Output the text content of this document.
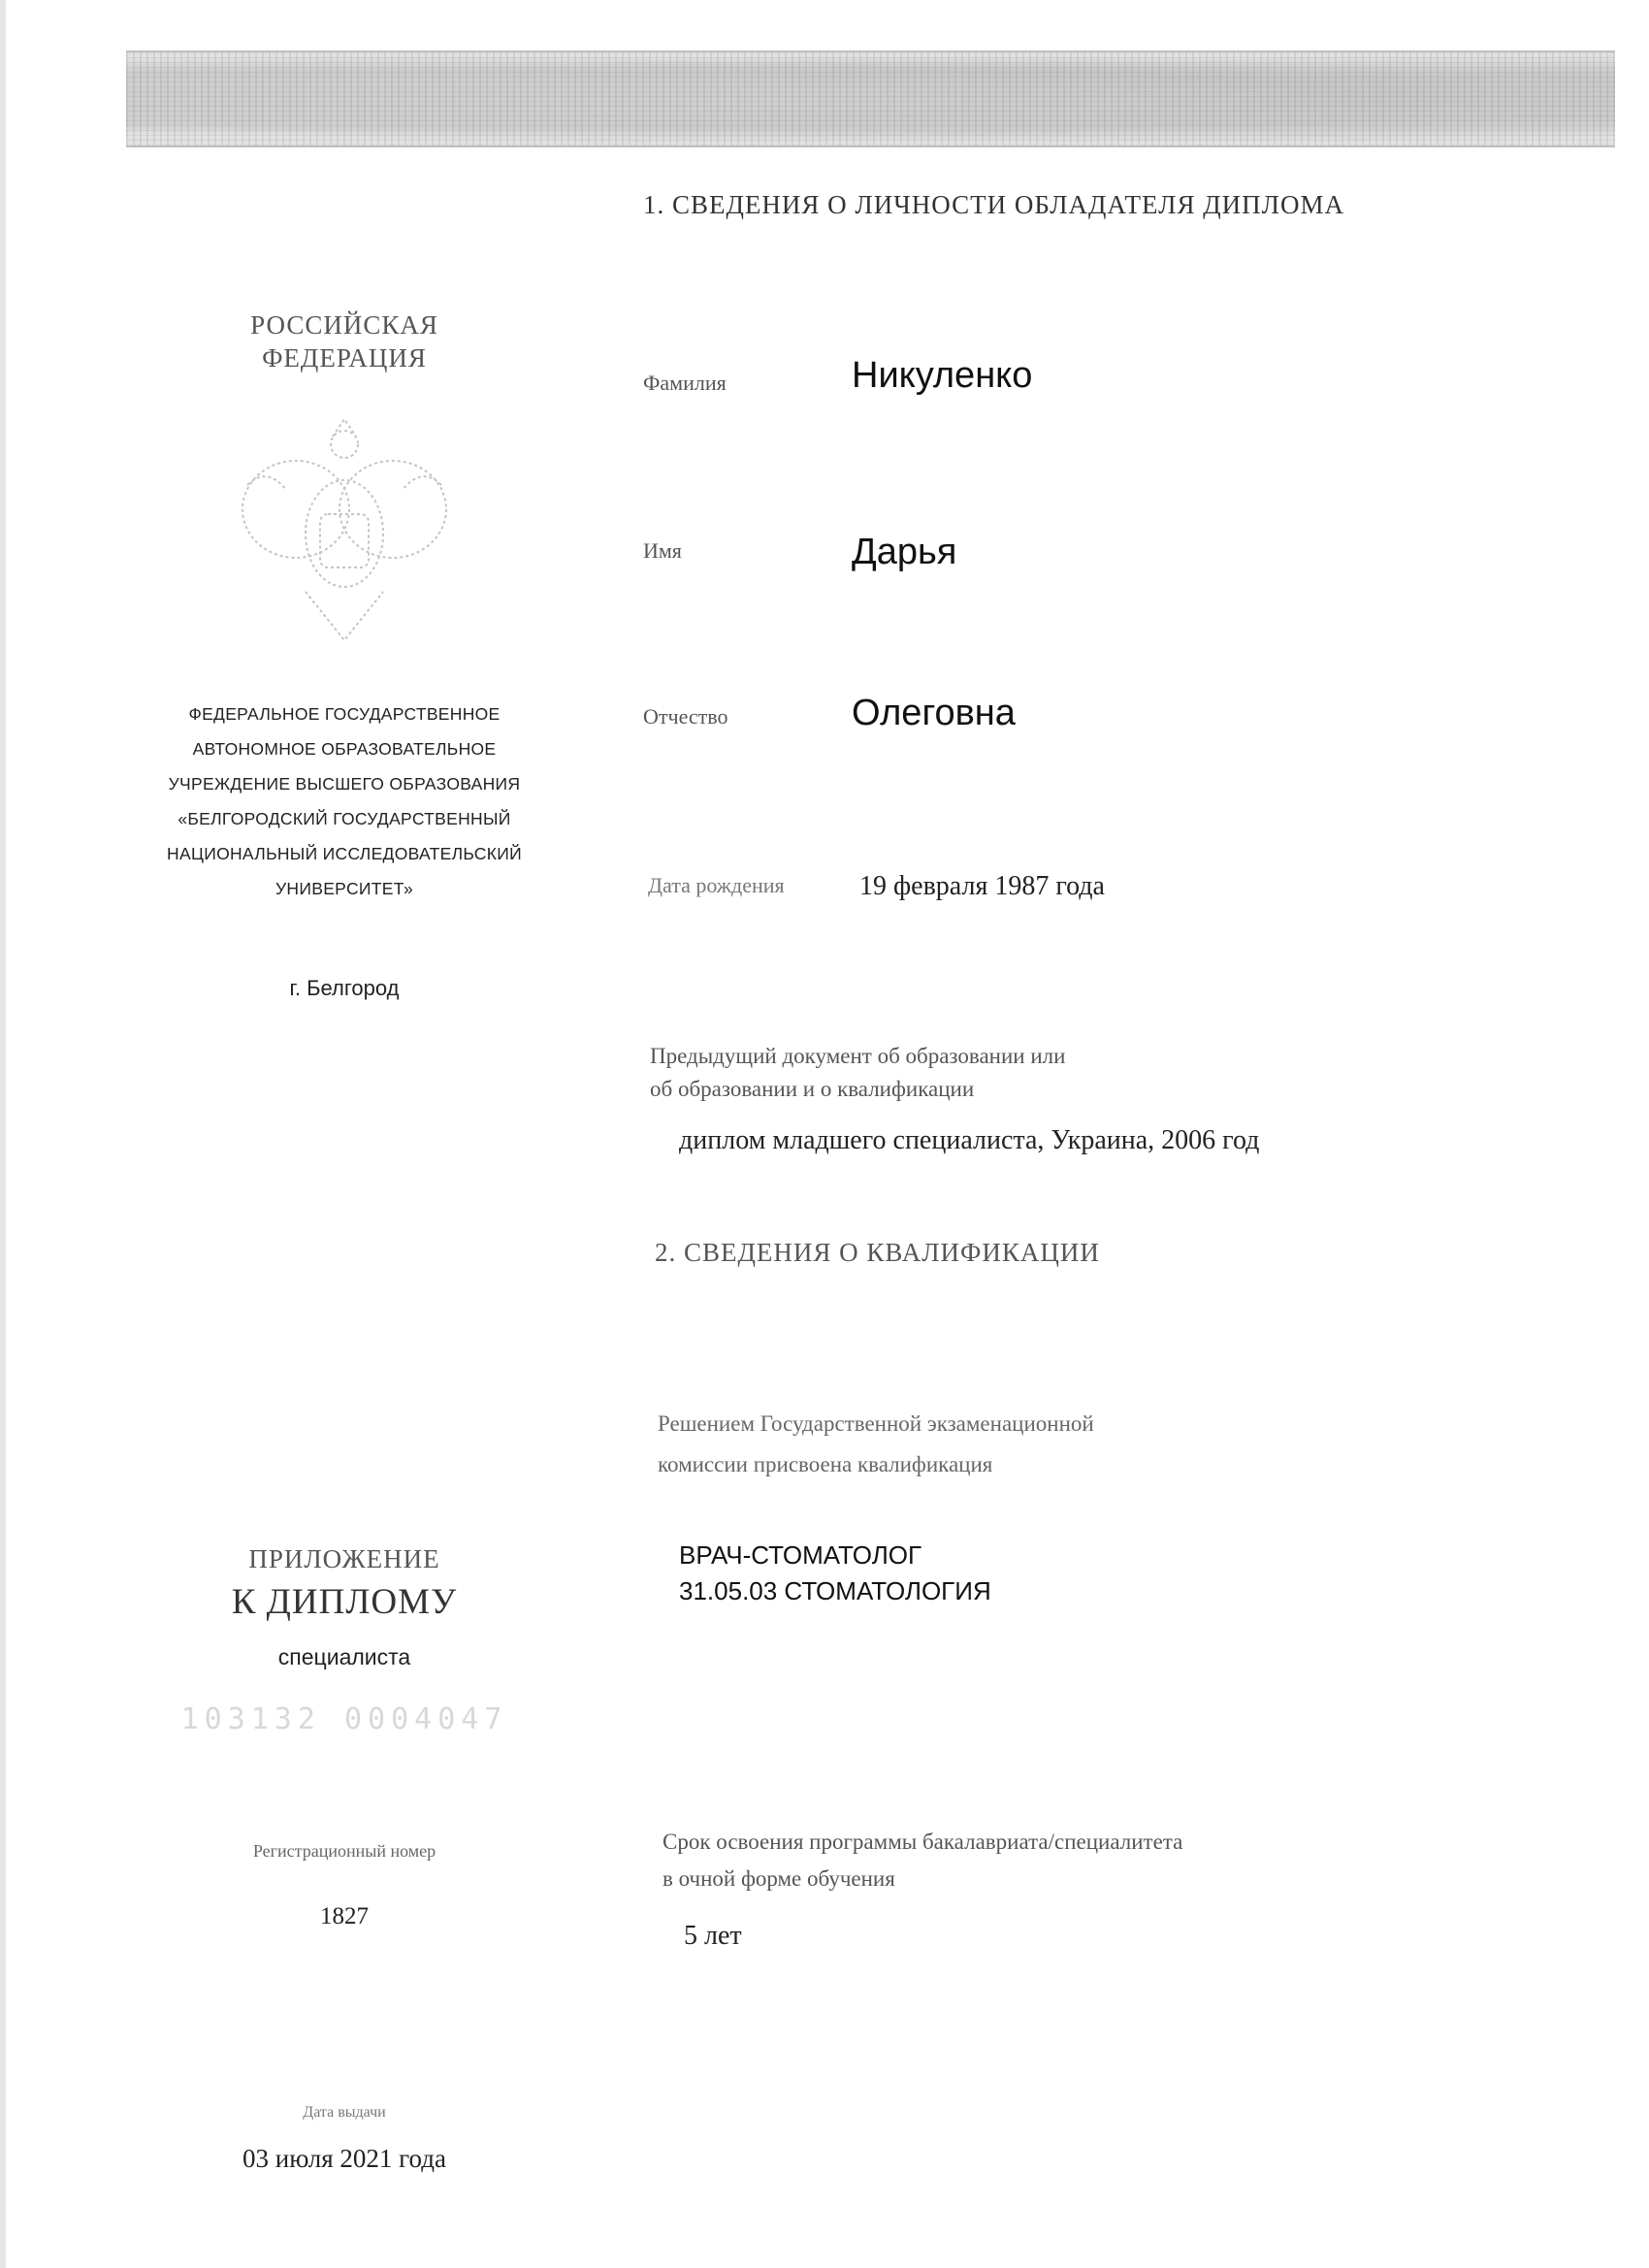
1. СВЕДЕНИЯ О ЛИЧНОСТИ ОБЛАДАТЕЛЯ ДИПЛОМА
РОССИЙСКАЯ
ФЕДЕРАЦИЯ
ФЕДЕРАЛЬНОЕ ГОСУДАРСТВЕННОЕ
АВТОНОМНОЕ ОБРАЗОВАТЕЛЬНОЕ
УЧРЕЖДЕНИЕ ВЫСШЕГО ОБРАЗОВАНИЯ
«БЕЛГОРОДСКИЙ ГОСУДАРСТВЕННЫЙ
НАЦИОНАЛЬНЫЙ ИССЛЕДОВАТЕЛЬСКИЙ
УНИВЕРСИТЕТ»
г. Белгород
ПРИЛОЖЕНИЕ
К ДИПЛОМУ
специалиста
103132 0004047
Регистрационный номер
1827
Дата выдачи
03 июля 2021 года
Фамилия	Никуленко
Имя	Дарья
Отчество	Олеговна
Дата рождения	19 февраля 1987 года
Предыдущий документ об образовании или
об образовании и о квалификации
диплом младшего специалиста, Украина, 2006 год
2. СВЕДЕНИЯ О КВАЛИФИКАЦИИ
Решением Государственной экзаменационной
комиссии присвоена квалификация
ВРАЧ-СТОМАТОЛОГ
31.05.03 СТОМАТОЛОГИЯ
Срок освоения программы бакалавриата/специалитета
в очной форме обучения
5 лет
